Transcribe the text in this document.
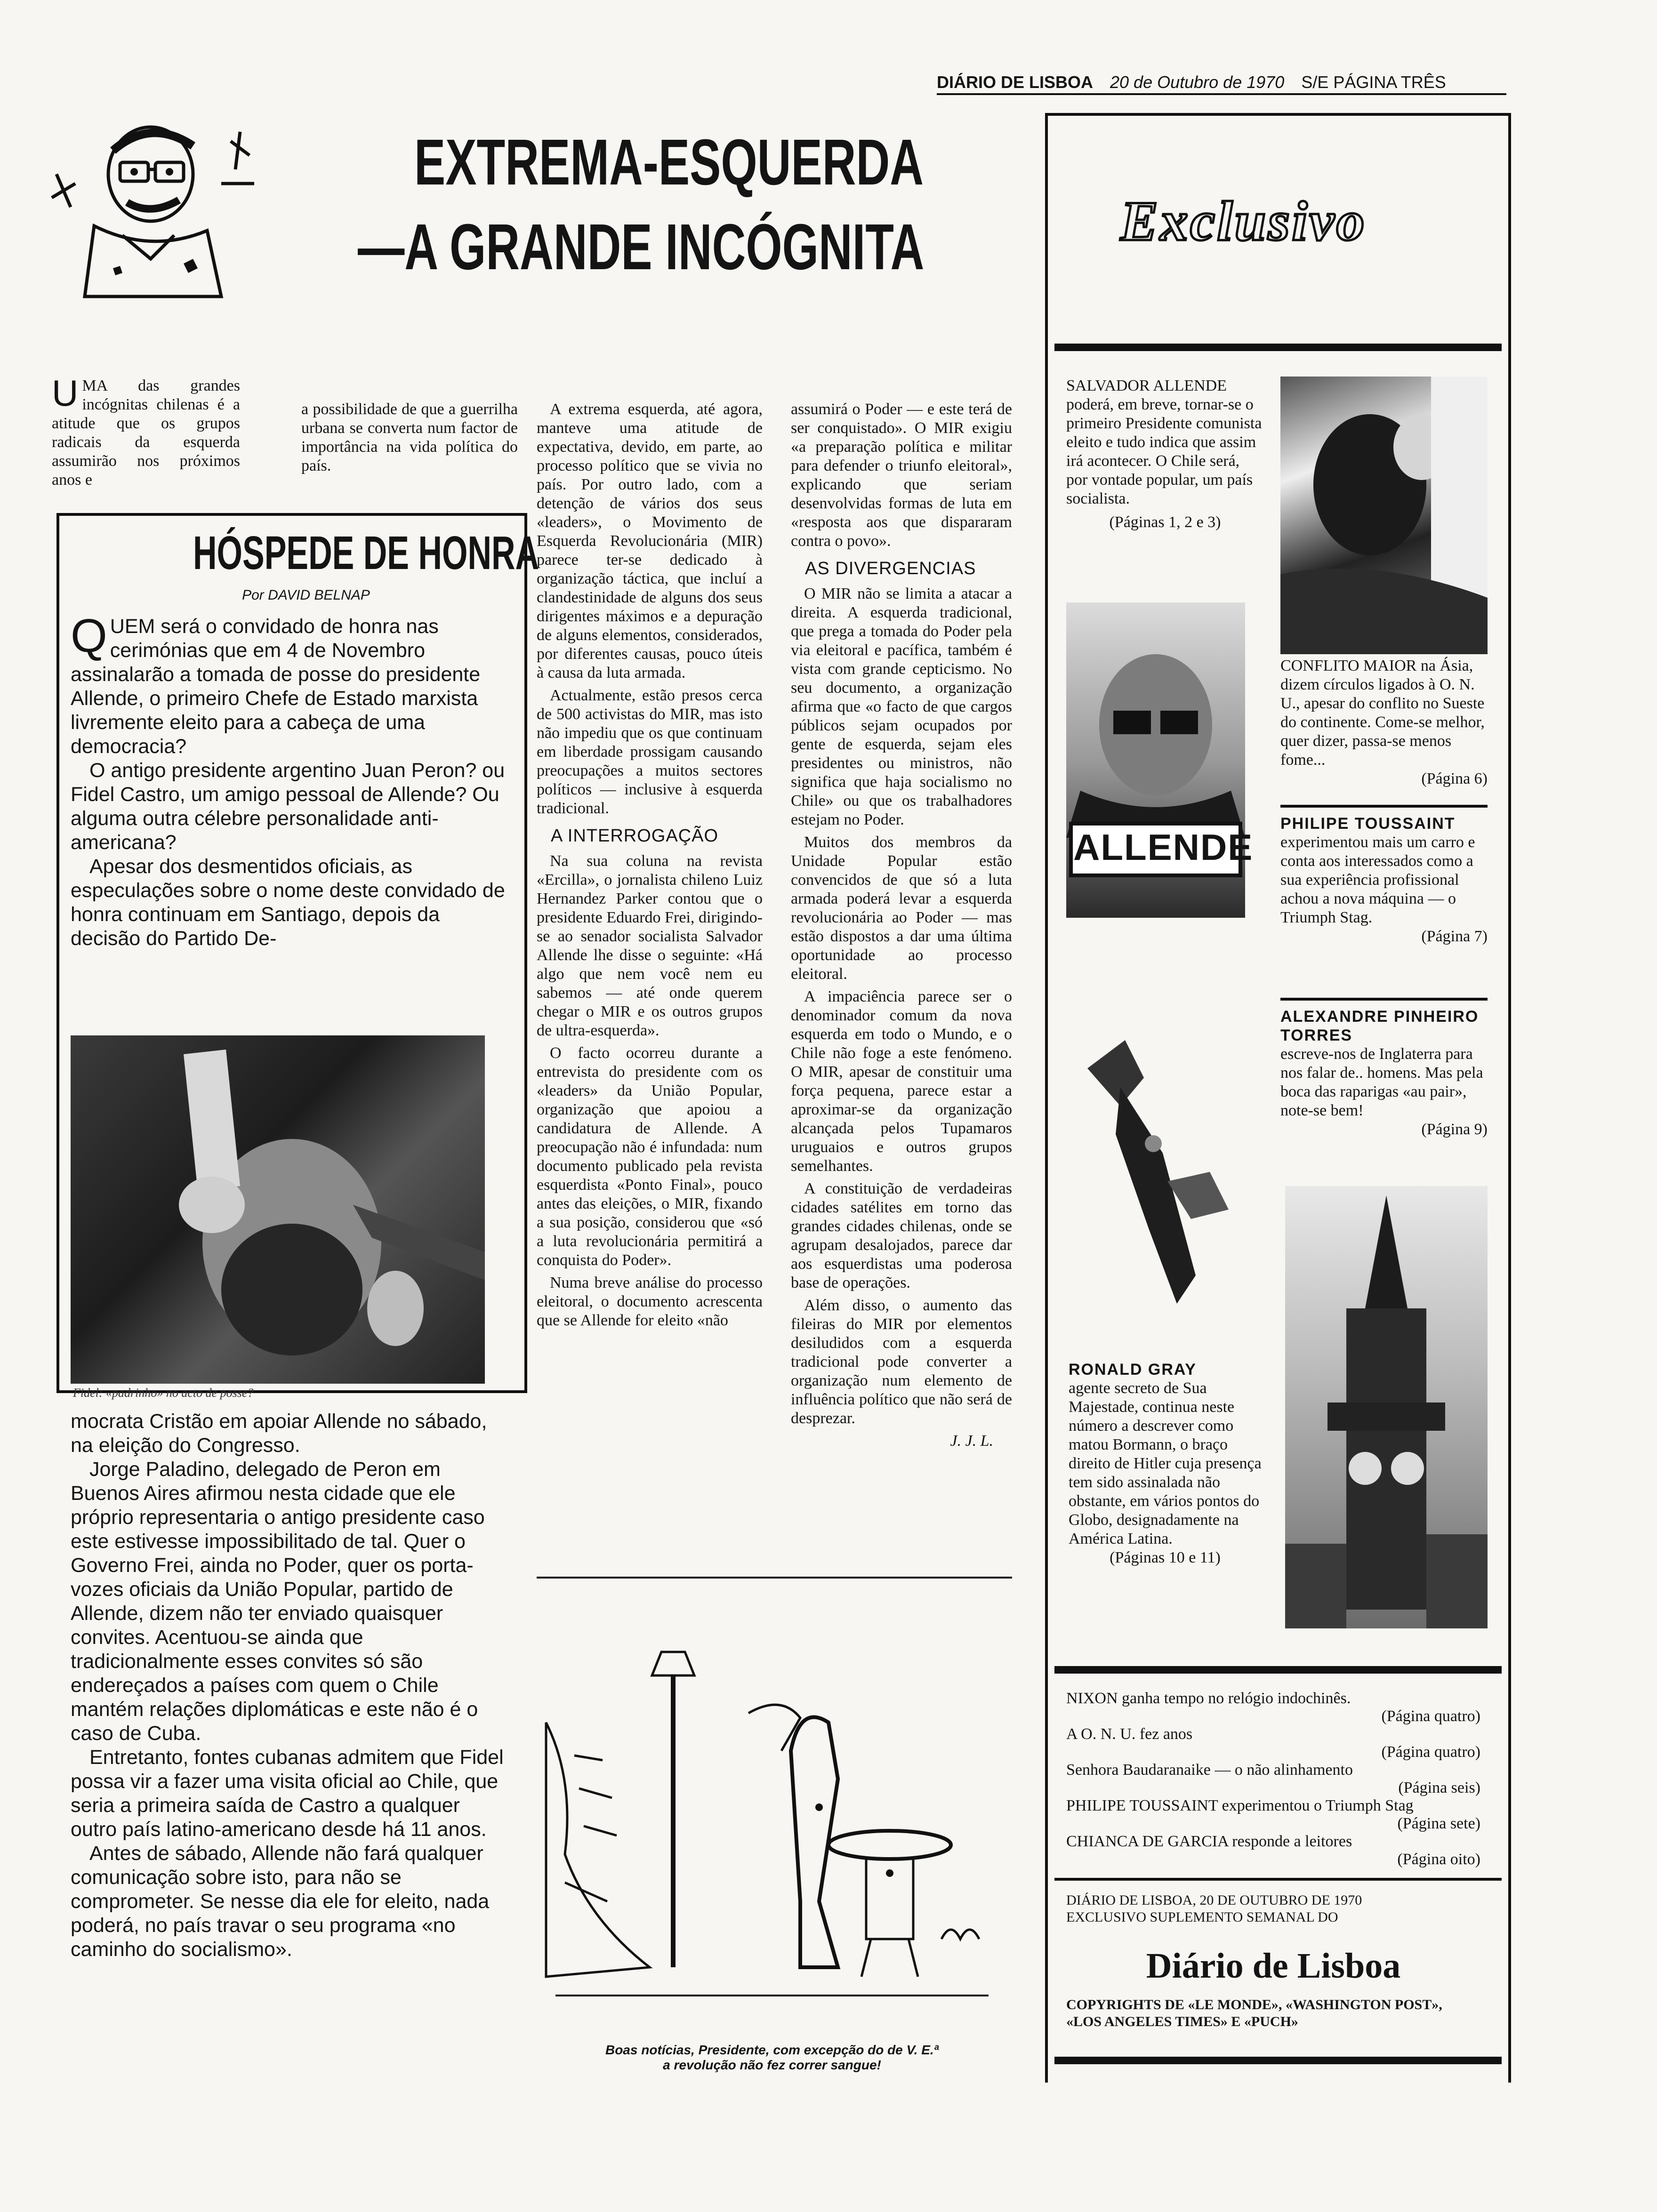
DIÁRIO DE LISBOA 20 de Outubro de 1970 S/E PÁGINA TRÊS
EXTREMA-ESQUERDA
—A GRANDE INCÓGNITA
UMA das grandes incógnitas chilenas é a atitude que os grupos radicais da esquerda assumirão nos próximos anos e
a possibilidade de que a guerrilha urbana se converta num factor de importância na vida política do país.
HÓSPEDE DE HONRA
Por DAVID BELNAP

QUEM será o convidado de honra nas cerimónias que em 4 de Novembro assinalarão a tomada de posse do presidente Allende, o primeiro Chefe de Estado marxista livremente eleito para a cabeça de uma democracia?

O antigo presidente argentino Juan Peron? ou Fidel Castro, um amigo pessoal de Allende? Ou alguma outra célebre personalidade anti-americana?

Apesar dos desmentidos oficiais, as especulações sobre o nome deste convidado de honra continuam em Santiago, depois da decisão do Partido De-

Fidel: «padrinho» no acto de posse?

mocrata Cristão em apoiar Allende no sábado, na eleição do Congresso.

Jorge Paladino, delegado de Peron em Buenos Aires afirmou nesta cidade que ele próprio representaria o antigo presidente caso este estivesse impossibilitado de tal. Quer o Governo Frei, ainda no Poder, quer os porta-vozes oficiais da União Popular, partido de Allende, dizem não ter enviado quaisquer convites. Acentuou-se ainda que tradicionalmente esses convites só são endereçados a países com quem o Chile mantém relações diplomáticas e este não é o caso de Cuba.

Entretanto, fontes cubanas admitem que Fidel possa vir a fazer uma visita oficial ao Chile, que seria a primeira saída de Castro a qualquer outro país latino-americano desde há 11 anos.

Antes de sábado, Allende não fará qualquer comunicação sobre isto, para não se comprometer. Se nesse dia ele for eleito, nada poderá, no país travar o seu programa «no caminho do socialismo».

A extrema esquerda, até agora, manteve uma atitude de expectativa, devido, em parte, ao processo político que se vivia no país. Por outro lado, com a detenção de vários dos seus «leaders», o Movimento de Esquerda Revolucionária (MIR) parece ter-se dedicado à organização táctica, que incluí a clandestinidade de alguns dos seus dirigentes máximos e a depuração de alguns elementos, considerados, por diferentes causas, pouco úteis à causa da luta armada.

Actualmente, estão presos cerca de 500 activistas do MIR, mas isto não impediu que os que continuam em liberdade prossigam causando preocupações a muitos sectores políticos — inclusive à esquerda tradicional.

A INTERROGAÇÃO

Na sua coluna na revista «Ercilla», o jornalista chileno Luiz Hernandez Parker contou que o presidente Eduardo Frei, dirigindo-se ao senador socialista Salvador Allende lhe disse o seguinte: «Há algo que nem você nem eu sabemos — até onde querem chegar o MIR e os outros grupos de ultra-esquerda».

O facto ocorreu durante a entrevista do presidente com os «leaders» da União Popular, organização que apoiou a candidatura de Allende. A preocupação não é infundada: num documento publicado pela revista esquerdista «Ponto Final», pouco antes das eleições, o MIR, fixando a sua posição, considerou que «só a luta revolucionária permitirá a conquista do Poder».

Numa breve análise do processo eleitoral, o documento acrescenta que se Allende for eleito «não

assumirá o Poder — e este terá de ser conquistado». O MIR exigiu «a preparação política e militar para defender o triunfo eleitoral», explicando que seriam desenvolvidas formas de luta em «resposta aos que dispararam contra o povo».

AS DIVERGENCIAS

O MIR não se limita a atacar a direita. A esquerda tradicional, que prega a tomada do Poder pela via eleitoral e pacífica, também é vista com grande cepticismo. No seu documento, a organização afirma que «o facto de que cargos públicos sejam ocupados por gente de esquerda, sejam eles presidentes ou ministros, não significa que haja socialismo no Chile» ou que os trabalhadores estejam no Poder.

Muitos dos membros da Unidade Popular estão convencidos de que só a luta armada poderá levar a esquerda revolucionária ao Poder — mas estão dispostos a dar uma última oportunidade ao processo eleitoral.

A impaciência parece ser o denominador comum da nova esquerda em todo o Mundo, e o Chile não foge a este fenómeno. O MIR, apesar de constituir uma força pequena, parece estar a aproximar-se da organização alcançada pelos Tupamaros uruguaios e outros grupos semelhantes.

A constituição de verdadeiras cidades satélites em torno das grandes cidades chilenas, onde se agrupam desalojados, parece dar aos esquerdistas uma poderosa base de operações.

Além disso, o aumento das fileiras do MIR por elementos desiludidos com a esquerda tradicional pode converter a organização num elemento de influência político que não será de desprezar.

J. J. L.
Boas notícias, Presidente, com excepção do de V. E.ª
a revolução não fez correr sangue!
Exclusivo
SALVADOR ALLENDE poderá, em breve, tornar-se o primeiro Presidente comunista eleito e tudo indica que assim irá acontecer. O Chile será, por vontade popular, um país socialista.
(Páginas 1, 2 e 3)
ALLENDE
CONFLITO MAIOR na Ásia, dizem círculos ligados à O. N. U., apesar do conflito no Sueste do continente. Come-se melhor, quer dizer, passa-se menos fome...
(Página 6)
PHILIPE TOUSSAINT
experimentou mais um carro e conta aos interessados como a sua experiência profissional achou a nova máquina — o Triumph Stag.
(Página 7)
ALEXANDRE PINHEIRO TORRES
escreve-nos de Inglaterra para nos falar de.. homens. Mas pela boca das raparigas «au pair», note-se bem!
(Página 9)
RONALD GRAY
agente secreto de Sua Majestade, continua neste número a descrever como matou Bormann, o braço direito de Hitler cuja presença tem sido assinalada não obstante, em vários pontos do Globo, designadamente na América Latina.
(Páginas 10 e 11)
NIXON ganha tempo no relógio indochinês.
(Página quatro)
A O. N. U. fez anos
(Página quatro)
Senhora Baudaranaike — o não alinhamento
(Página seis)
PHILIPE TOUSSAINT experimentou o Triumph Stag
(Página sete)
CHIANCA DE GARCIA responde a leitores
(Página oito)
DIÁRIO DE LISBOA, 20 DE OUTUBRO DE 1970
EXCLUSIVO SUPLEMENTO SEMANAL DO
Diário de Lisboa
COPYRIGHTS DE «LE MONDE», «WASHINGTON POST», «LOS ANGELES TIMES» E «PUCH»
